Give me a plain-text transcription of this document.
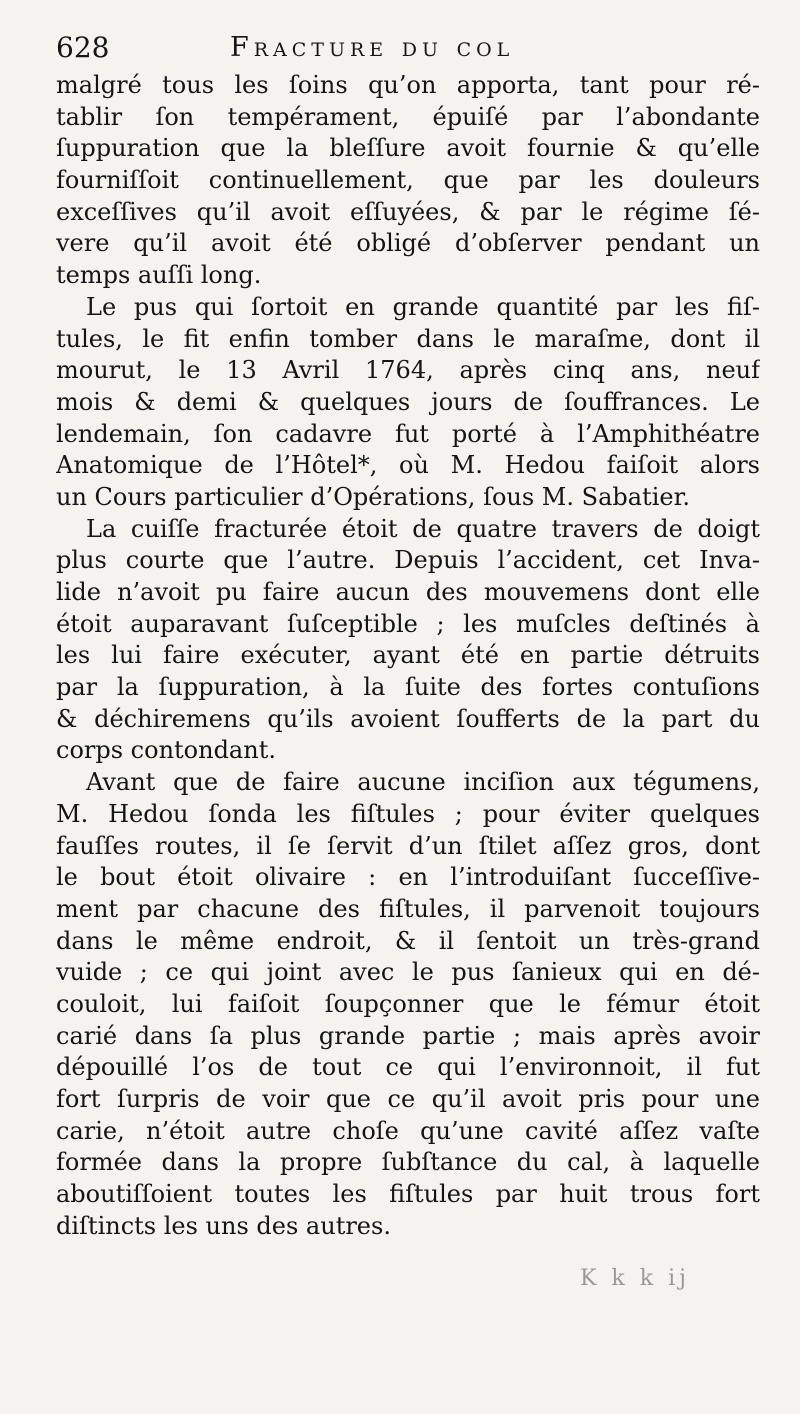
628	Fracture du col
malgré tous les ſoins qu’on apporta, tant pour ré-
tablir ſon tempérament, épuiſé par l’abondante
ſuppuration que la bleſſure avoit fournie & qu’elle
fourniſſoit continuellement, que par les douleurs
exceſſives qu’il avoit eſſuyées, & par le régime ſé-
vere qu’il avoit été obligé d’obſerver pendant un
temps auſſi long.
Le pus qui ſortoit en grande quantité par les fiſ-
tules, le fit enfin tomber dans le maraſme, dont il
mourut, le 13 Avril 1764, après cinq ans, neuf
mois & demi & quelques jours de ſouffrances. Le
lendemain, ſon cadavre fut porté à l’Amphithéatre
Anatomique de l’Hôtel*, où M. Hedou faiſoit alors
un Cours particulier d’Opérations, ſous M. Sabatier.
La cuiſſe fracturée étoit de quatre travers de doigt
plus courte que l’autre. Depuis l’accident, cet Inva-
lide n’avoit pu faire aucun des mouvemens dont elle
étoit auparavant ſuſceptible ; les muſcles deſtinés à
les lui faire exécuter, ayant été en partie détruits
par la ſuppuration, à la ſuite des fortes contuſions
& déchiremens qu’ils avoient ſoufferts de la part du
corps contondant.
Avant que de faire aucune inciſion aux tégumens,
M. Hedou ſonda les fiſtules ; pour éviter quelques
fauſſes routes, il ſe ſervit d’un ſtilet aſſez gros, dont
le bout étoit olivaire : en l’introduiſant ſucceſſive-
ment par chacune des fiſtules, il parvenoit toujours
dans le même endroit, & il ſentoit un très-grand
vuide ; ce qui joint avec le pus ſanieux qui en dé-
couloit, lui faiſoit ſoupçonner que le fémur étoit
carié dans ſa plus grande partie ; mais après avoir
dépouillé l’os de tout ce qui l’environnoit, il fut
fort ſurpris de voir que ce qu’il avoit pris pour une
carie, n’étoit autre choſe qu’une cavité aſſez vaſte
formée dans la propre ſubſtance du cal, à laquelle
aboutiſſoient toutes les fiſtules par huit trous fort
diſtincts les uns des autres.
K k k ij
